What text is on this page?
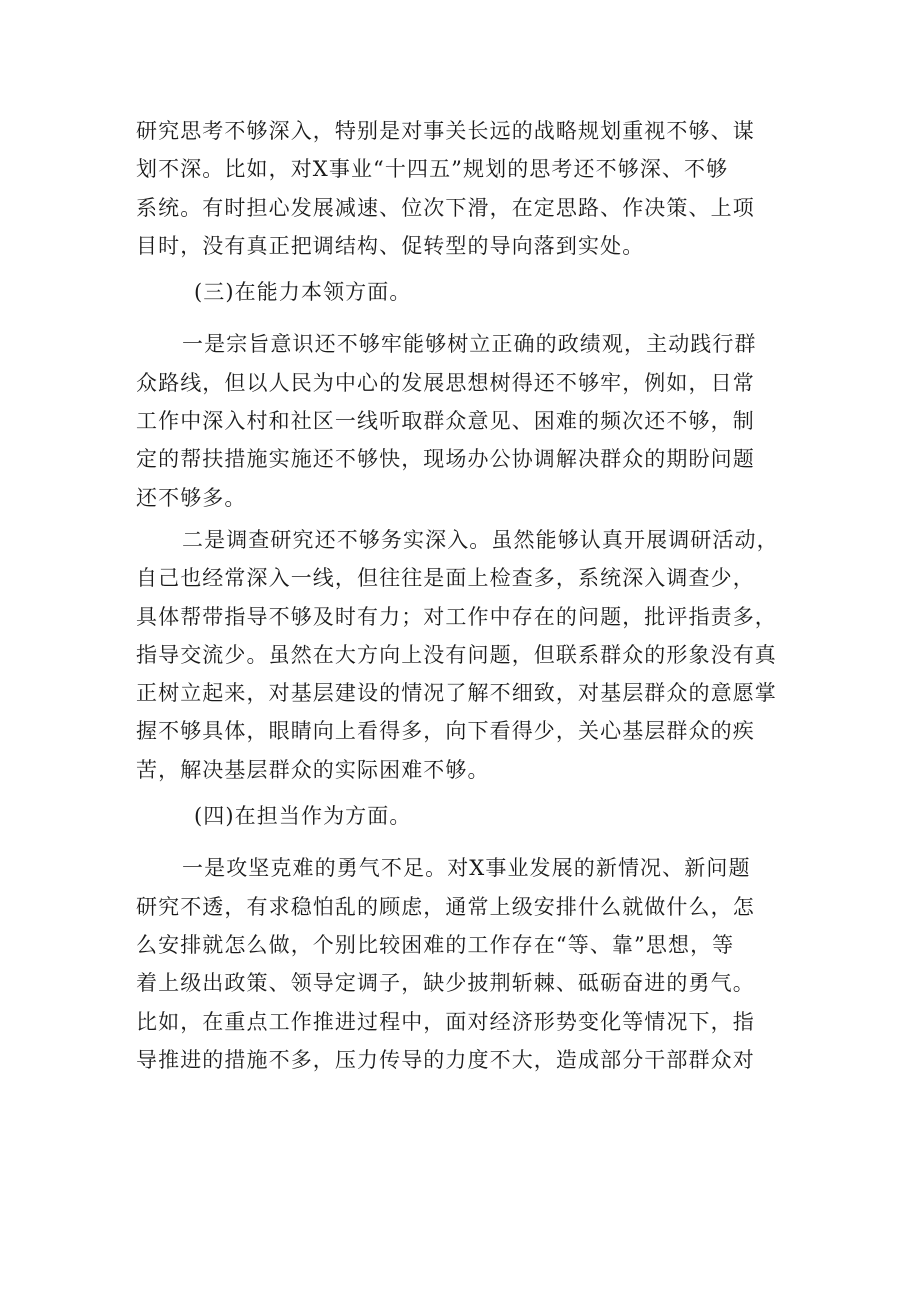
研究思考不够深入，特别是对事关长远的战略规划重视不够、谋
划不深。比如，对X事业“十四五”规划的思考还不够深、不够
系统。有时担心发展减速、位次下滑，在定思路、作决策、上项
目时，没有真正把调结构、促转型的导向落到实处。

(三)在能力本领方面。

一是宗旨意识还不够牢能够树立正确的政绩观，主动践行群
众路线，但以人民为中心的发展思想树得还不够牢，例如，日常
工作中深入村和社区一线听取群众意见、困难的频次还不够，制
定的帮扶措施实施还不够快，现场办公协调解决群众的期盼问题
还不够多。

二是调查研究还不够务实深入。虽然能够认真开展调研活动，
自己也经常深入一线，但往往是面上检查多，系统深入调查少，
具体帮带指导不够及时有力；对工作中存在的问题，批评指责多，
指导交流少。虽然在大方向上没有问题，但联系群众的形象没有真
正树立起来，对基层建设的情况了解不细致，对基层群众的意愿掌
握不够具体，眼睛向上看得多，向下看得少，关心基层群众的疾
苦，解决基层群众的实际困难不够。

(四)在担当作为方面。

一是攻坚克难的勇气不足。对X事业发展的新情况、新问题
研究不透，有求稳怕乱的顾虑，通常上级安排什么就做什么，怎
么安排就怎么做，个别比较困难的工作存在“等、靠”思想，等
着上级出政策、领导定调子，缺少披荆斩棘、砥砺奋进的勇气。
比如，在重点工作推进过程中，面对经济形势变化等情况下，指
导推进的措施不多，压力传导的力度不大，造成部分干部群众对
